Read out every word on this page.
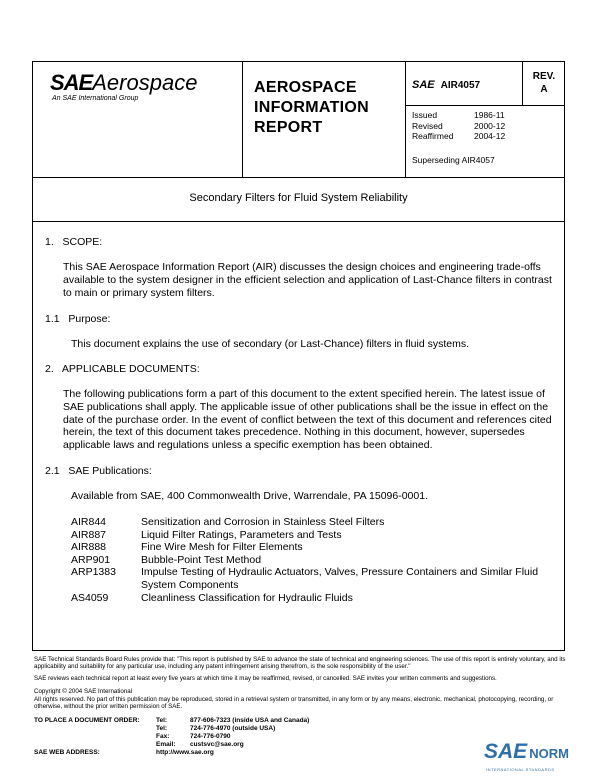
SAEAerospace
An SAE International Group
AEROSPACE
INFORMATION
REPORT
SAE AIR4057
REV.
A
Issued	1986-11
Revised	2000-12
Reaffirmed	2004-12
Superseding AIR4057
Secondary Filters for Fluid System Reliability
1.   SCOPE:
This SAE Aerospace Information Report (AIR) discusses the design choices and engineering trade-offs available to the system designer in the efficient selection and application of Last-Chance filters in contrast to main or primary system filters.
1.1   Purpose:
This document explains the use of secondary (or Last-Chance) filters in fluid systems.
2.   APPLICABLE DOCUMENTS:
The following publications form a part of this document to the extent specified herein. The latest issue of SAE publications shall apply. The applicable issue of other publications shall be the issue in effect on the date of the purchase order. In the event of conflict between the text of this document and references cited herein, the text of this document takes precedence. Nothing in this document, however, supersedes applicable laws and regulations unless a specific exemption has been obtained.
2.1   SAE Publications:
Available from SAE, 400 Commonwealth Drive, Warrendale, PA 15096-0001.
AIR844	Sensitization and Corrosion in Stainless Steel Filters
AIR887	Liquid Filter Ratings, Parameters and Tests
AIR888	Fine Wire Mesh for Filter Elements
ARP901	Bubble-Point Test Method
ARP1383	Impulse Testing of Hydraulic Actuators, Valves, Pressure Containers and Similar Fluid System Components
AS4059	Cleanliness Classification for Hydraulic Fluids
SAE Technical Standards Board Rules provide that: "This report is published by SAE to advance the state of technical and engineering sciences. The use of this report is entirely voluntary, and its applicability and suitability for any particular use, including any patent infringement arising therefrom, is the sole responsibility of the user."
SAE reviews each technical report at least every five years at which time it may be reaffirmed, revised, or cancelled. SAE invites your written comments and suggestions.
Copyright © 2004 SAE International
All rights reserved. No part of this publication may be reproduced, stored in a retrieval system or transmitted, in any form or by any means, electronic, mechanical, photocopying, recording, or otherwise, without the prior written permission of SAE.
TO PLACE A DOCUMENT ORDER:	Tel:	877-606-7323 (inside USA and Canada)
Tel:	724-776-4970 (outside USA)
Fax:	724-776-0790
Email:	custsvc@sae.org
SAE WEB ADDRESS:	http://www.sae.org	SAE NORM
INTERNATIONAL STANDARDS
